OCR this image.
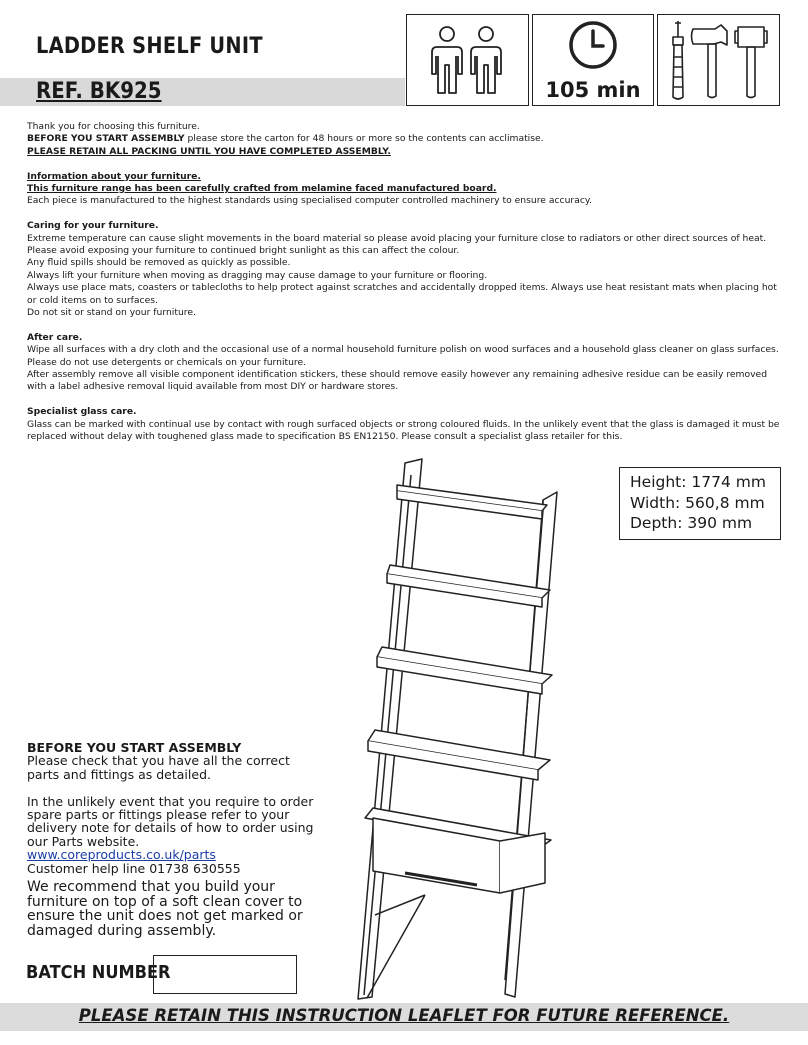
LADDER SHELF UNIT
REF. BK925	105 min

Thank you for choosing this furniture.
BEFORE YOU START ASSEMBLY please store the carton for 48 hours or more so the contents can acclimatise.
PLEASE RETAIN ALL PACKING UNTIL YOU HAVE COMPLETED ASSEMBLY.

Information about your furniture.
This furniture range has been carefully crafted from melamine faced manufactured board.
Each piece is manufactured to the highest standards using specialised computer controlled machinery to ensure accuracy.

Caring for your furniture.
Extreme temperature can cause slight movements in the board material so please avoid placing your furniture close to radiators or other direct sources of heat.
Please avoid exposing your furniture to continued bright sunlight as this can affect the colour.
Any fluid spills should be removed as quickly as possible.
Always lift your furniture when moving as dragging may cause damage to your furniture or flooring.
Always use place mats, coasters or tablecloths to help protect against scratches and accidentally dropped items. Always use heat resistant mats when placing hot or cold items on to surfaces.
Do not sit or stand on your furniture.

After care.
Wipe all surfaces with a dry cloth and the occasional use of a normal household furniture polish on wood surfaces and a household glass cleaner on glass surfaces.
Please do not use detergents or chemicals on your furniture.
After assembly remove all visible component identification stickers, these should remove easily however any remaining adhesive residue can be easily removed with a label adhesive removal liquid available from most DIY or hardware stores.

Specialist glass care.
Glass can be marked with continual use by contact with rough surfaced objects or strong coloured fluids. In the unlikely event that the glass is damaged it must be replaced without delay with toughened glass made to specification BS EN12150. Please consult a specialist glass retailer for this.

Height: 1774 mm
Width: 560,8 mm
Depth: 390 mm

BEFORE YOU START ASSEMBLY
Please check that you have all the correct parts and fittings as detailed.

In the unlikely event that you require to order spare parts or fittings please refer to your delivery note for details of how to order using our Parts website.
www.coreproducts.co.uk/parts
Customer help line 01738 630555

We recommend that you build your furniture on top of a soft clean cover to ensure the unit does not get marked or damaged during assembly.
BATCH NUMBER
PLEASE RETAIN THIS INSTRUCTION LEAFLET FOR FUTURE REFERENCE.
